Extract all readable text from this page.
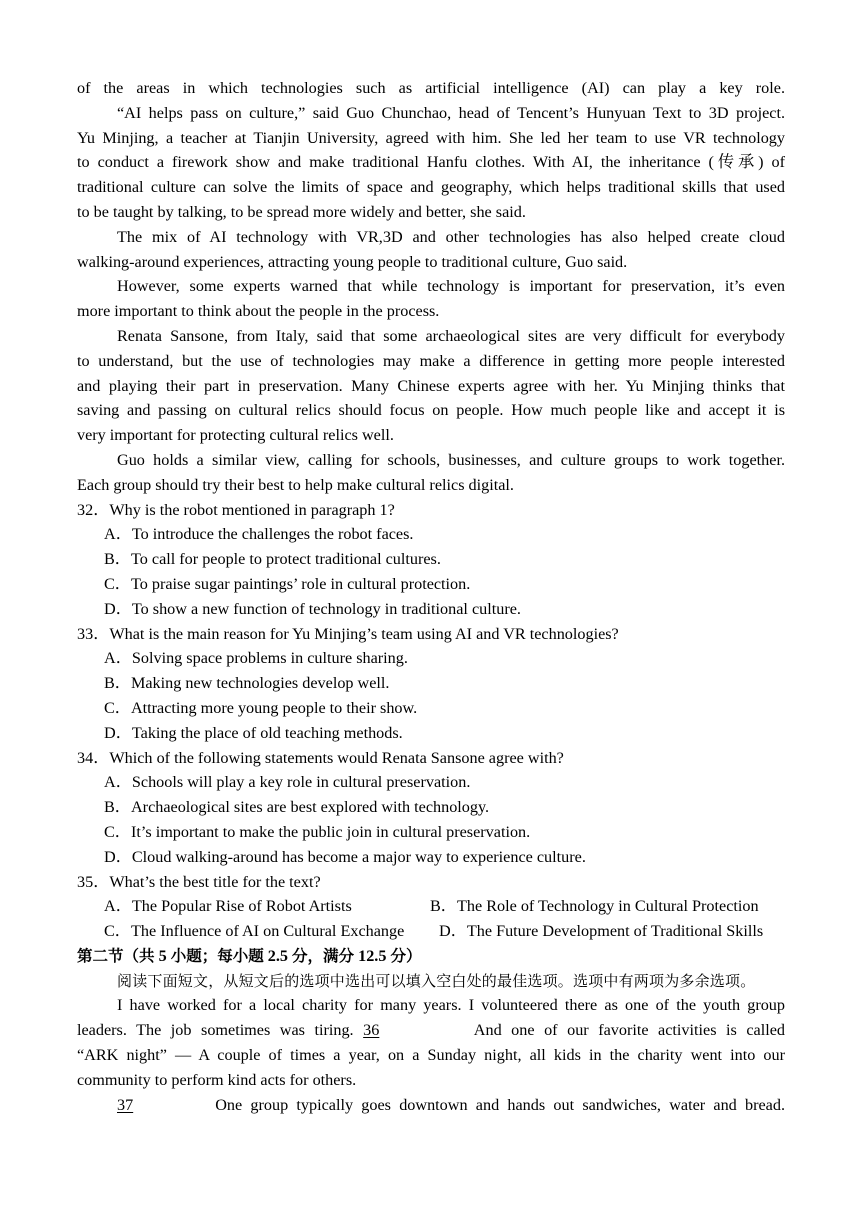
of the areas in which technologies such as artificial intelligence (AI) can play a key role.
“AI helps pass on culture,” said Guo Chunchao, head of Tencent’s Hunyuan Text to 3D project.
Yu Minjing, a teacher at Tianjin University, agreed with him. She led her team to use VR technology
to conduct a firework show and make traditional Hanfu clothes. With AI, the inheritance (传承) of
traditional culture can solve the limits of space and geography, which helps traditional skills that used
to be taught by talking, to be spread more widely and better, she said.
The mix of AI technology with VR,3D and other technologies has also helped create cloud
walking-around experiences, attracting young people to traditional culture, Guo said.
However, some experts warned that while technology is important for preservation, it’s even
more important to think about the people in the process.
Renata Sansone, from Italy, said that some archaeological sites are very difficult for everybody
to understand, but the use of technologies may make a difference in getting more people interested
and playing their part in preservation. Many Chinese experts agree with her. Yu Minjing thinks that
saving and passing on cultural relics should focus on people. How much people like and accept it is
very important for protecting cultural relics well.
Guo holds a similar view, calling for schools, businesses, and culture groups to work together.
Each group should try their best to help make cultural relics digital.
32．Why is the robot mentioned in paragraph 1?
A．To introduce the challenges the robot faces.
B．To call for people to protect traditional cultures.
C．To praise sugar paintings’ role in cultural protection.
D．To show a new function of technology in traditional culture.
33．What is the main reason for Yu Minjing’s team using AI and VR technologies?
A．Solving space problems in culture sharing.
B．Making new technologies develop well.
C．Attracting more young people to their show.
D．Taking the place of old teaching methods.
34．Which of the following statements would Renata Sansone agree with?
A．Schools will play a key role in cultural preservation.
B．Archaeological sites are best explored with technology.
C．It’s important to make the public join in cultural preservation.
D．Cloud walking-around has become a major way to experience culture.
35．What’s the best title for the text?
A．The Popular Rise of Robot Artists	B．The Role of Technology in Cultural Protection
C．The Influence of AI on Cultural Exchange	D．The Future Development of Traditional Skills
第二节（共 5 小题；每小题 2.5 分，满分 12.5 分）
阅读下面短文，从短文后的选项中选出可以填入空白处的最佳选项。选项中有两项为多余选项。
I have worked for a local charity for many years. I volunteered there as one of the youth group
leaders. The job sometimes was tiring. 36	And one of our favorite activities is called
“ARK night” — A couple of times a year, on a Sunday night, all kids in the charity went into our
community to perform kind acts for others.
37	One group typically goes downtown and hands out sandwiches, water and bread.
